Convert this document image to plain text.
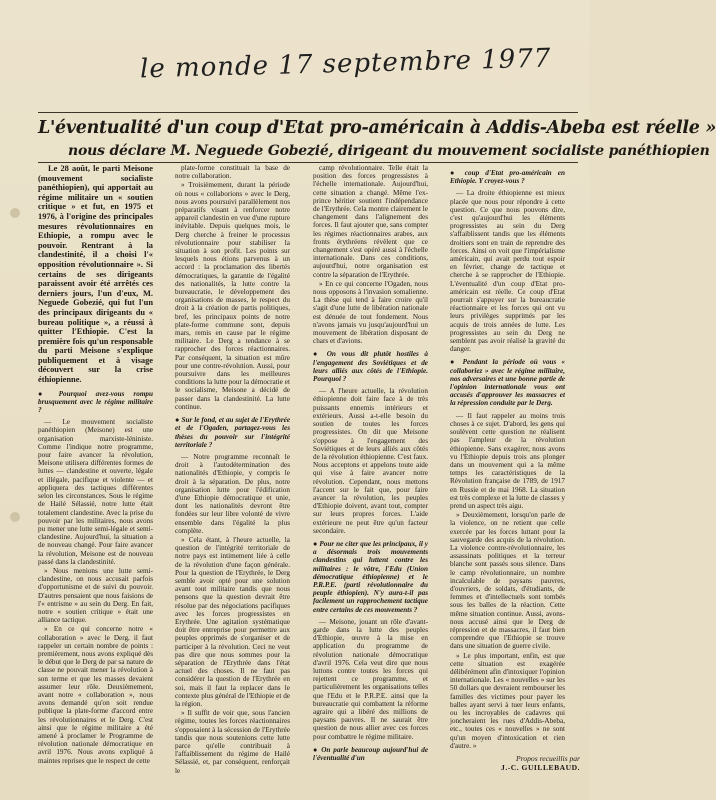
le monde 17 septembre 1977
L'éventualité d'un coup d'Etat pro-américain à Addis-Abeba est réelle »
nous déclare M. Neguede Gobezié, dirigeant du mouvement socialiste panéthiopien

Le 28 août, le parti Meisone (mouvement socialiste panéthiopien), qui apportait au régime militaire un « soutien critique » et fut, en 1975 et 1976, à l'origine des principales mesures révolutionnaires en Ethiopie, a rompu avec le pouvoir. Rentrant à la clandestinité, il a choisi l'« opposition révolutionnaire ». Si certains de ses dirigeants paraissent avoir été arrêtés ces derniers jours, l'un d'eux, M. Neguede Gobezié, qui fut l'un des principaux dirigeants du « bureau politique », a réussi à quitter l'Ethiopie. C'est la première fois qu'un responsable du parti Meisone s'explique publiquement et à visage découvert sur la crise éthiopienne.

● Pourquoi avez-vous rompu brusquement avec le régime militaire ?

— Le mouvement socialiste panéthiopien (Meisone) est une organisation marxiste-léniniste. Comme l'indique notre programme, pour faire avancer la révolution, Meisone utilisera différentes formes de luttes — clandestine et ouverte, légale et illégale, pacifique et violente — et appliquera des tactiques différentes selon les circonstances. Sous le régime de Hailé Sélassié, notre lutte était totalement clandestine. Avec la prise du pouvoir par les militaires, nous avons pu mener une lutte semi-légale et semi-clandestine. Aujourd'hui, la situation a de nouveau changé. Pour faire avancer la révolution, Meisone est de nouveau passé dans la clandestinité.

» Nous menions une lutte semi-clandestine, on nous accusait parfois d'opportunisme et de suivi du pouvoir. D'autres pensaient que nous faisions de l'« entrisme » au sein du Derg. En fait, notre « soutien critique » était une alliance tactique.

» En ce qui concerne notre « collaboration » avec le Derg, il faut rappeler un certain nombre de points : premièrement, nous avons expliqué dès le début que le Derg de par sa nature de classe ne pouvait mener la révolution à son terme et que les masses devaient assumer leur rôle. Deuxièmement, avant notre « collaboration », nous avons demandé qu'on soit rendue publique la plate-forme d'accord entre les révolutionnaires et le Derg. C'est ainsi que le régime militaire a été amené à proclamer le Programme de révolution nationale démocratique en avril 1976. Nous avons expliqué à maintes reprises que le respect de cette

plate-forme constituait la base de notre collaboration.

» Troisièmement, durant la période où nous « collaborions » avec le Derg, nous avons poursuivi parallèlement nos préparatifs visant à renforcer notre appareil clandestin en vue d'une rupture inévitable. Depuis quelques mois, le Derg cherche à freiner le processus révolutionnaire pour stabiliser la situation à son profit. Les points sur lesquels nous étions parvenus à un accord : la proclamation des libertés démocratiques, la garantie de l'égalité des nationalités, la lutte contre la bureaucratie, le développement des organisations de masses, le respect du droit à la création de partis politiques, bref, les principaux points de notre plate-forme commune sont, depuis mars, remis en cause par le régime militaire. Le Derg a tendance à se rapprocher des forces réactionnaires. Par conséquent, la situation est mûre pour une contre-révolution. Aussi, pour poursuivre dans les meilleures conditions la lutte pour la démocratie et le socialisme, Meisone a décidé de passer dans la clandestinité. La lutte continue.

● Sur le fond, et au sujet de l'Erythrée et de l'Ogaden, partagez-vous les thèses du pouvoir sur l'intégrité territoriale ?

— Notre programme reconnaît le droit à l'autodétermination des nationalités d'Ethiopie, y compris le droit à la séparation. De plus, notre organisation lutte pour l'édification d'une Ethiopie démocratique et unie, dont les nationalités devront être fondées sur leur libre volonté de vivre ensemble dans l'égalité la plus complète.

» Cela étant, à l'heure actuelle, la question de l'intégrité territoriale de notre pays est intimement liée à celle de la révolution d'une façon générale. Pour la question de l'Erythrée, le Derg semble avoir opté pour une solution avant tout militaire tandis que nous pensons que la question devrait être résolue par des négociations pacifiques avec les forces progressistes en Erythrée. Une agitation systématique doit être entreprise pour permettre aux peuples opprimés de s'organiser et de participer à la révolution. Ceci ne veut pas dire que nous sommes pour la séparation de l'Erythrée dans l'état actuel des choses. Il ne faut pas considérer la question de l'Erythrée en soi, mais il faut la replacer dans le contexte plus général de l'Ethiopie et de la région.

» Il suffit de voir que, sous l'ancien régime, toutes les forces réactionnaires s'opposaient à la sécession de l'Erythrée tandis que nous soutenions cette lutte parce qu'elle contribuait à l'affaiblissement du régime de Hailé Sélassié, et, par conséquent, renforçait le

camp révolutionnaire. Telle était la position des forces progressistes à l'échelle internationale. Aujourd'hui, cette situation a changé. Même l'ex-prince héritier soutient l'indépendance de l'Erythrée. Cela montre clairement le changement dans l'alignement des forces. Il faut ajouter que, sans compter les régimes réactionnaires arabes, aux fronts érythréens révèlent que ce changement s'est opéré aussi à l'échelle internationale. Dans ces conditions, aujourd'hui, notre organisation est contre la séparation de l'Erythrée.

» En ce qui concerne l'Ogaden, nous nous opposons à l'invasion somalienne. La thèse qui tend à faire croire qu'il s'agit d'une lutte de libération nationale est dénuée de tout fondement. Nous n'avons jamais vu jusqu'aujourd'hui un mouvement de libération disposant de chars et d'avions.

● On vous dit plutôt hostiles à l'engagement des Soviétiques et de leurs alliés aux côtés de l'Ethiopie. Pourquoi ?

— A l'heure actuelle, la révolution éthiopienne doit faire face à de très puissants ennemis intérieurs et extérieurs. Aussi a-t-elle besoin du soutien de toutes les forces progressistes. On dit que Meisone s'oppose à l'engagement des Soviétiques et de leurs alliés aux côtés de la révolution éthiopienne. C'est faux. Nous acceptons et appelons toute aide qui vise à faire avancer notre révolution. Cependant, nous mettons l'accent sur le fait que, pour faire avancer la révolution, les peuples d'Ethiopie doivent, avant tout, compter sur leurs propres forces. L'aide extérieure ne peut être qu'un facteur secondaire.

● Pour ne citer que les principaux, il y a désormais trois mouvements clandestins qui luttent contre les militaires : le vôtre, l'Edu (Union démocratique éthiopienne) et le P.R.P.E. (parti révolutionnaire du peuple éthiopien). N'y aura-t-il pas facilement un rapprochement tactique entre certains de ces mouvements ?

— Meisone, jouant un rôle d'avant-garde dans la lutte des peuples d'Ethiopie, œuvre à la mise en application du programme de révolution nationale démocratique d'avril 1976. Cela veut dire que nous luttons contre toutes les forces qui rejettent ce programme, et particulièrement les organisations telles que l'Edu et le P.R.P.E. ainsi que la bureaucratie qui combattent la réforme agraire qui a libéré des millions de paysans pauvres. Il ne saurait être question de nous allier avec ces forces pour combattre le régime militaire.

● On parle beaucoup aujourd'hui de l'éventualité d'un

● coup d'Etat pro-américain en Ethiopie. Y croyez-vous ?

— La droite éthiopienne est mieux placée que nous pour répondre à cette question. Ce que nous pouvons dire, c'est qu'aujourd'hui les éléments progressistes au sein du Derg s'affaiblissent tandis que les éléments droitiers sont en train de reprendre des forces. Ainsi on voit que l'impérialisme américain, qui avait perdu tout espoir en février, change de tactique et cherche à se rapprocher de l'Ethiopie. L'éventualité d'un coup d'Etat pro-américain est réelle. Ce coup d'Etat pourrait s'appuyer sur la bureaucratie réactionnaire et les forces qui ont vu leurs privilèges supprimés par les acquis de trois années de lutte. Les progressistes au sein du Derg ne semblent pas avoir réalisé la gravité du danger.

● Pendant la période où vous « collaboriez » avec le régime militaire, nos adversaires et une bonne partie de l'opinion internationale vous ont accusés d'approuver les massacres et la répression conduite par le Derg.

— Il faut rappeler au moins trois choses à ce sujet. D'abord, les gens qui soulèvent cette question ne réalisent pas l'ampleur de la révolution éthiopienne. Sans exagérer, nous avons vu l'Ethiopie depuis trois ans plonger dans un mouvement qui a la même temps les caractéristiques de la Révolution française de 1789, de 1917 en Russie et de mai 1968. La situation est très complexe et la lutte de classes y prend un aspect très aigu.

» Deuxièmement, lorsqu'on parle de la violence, on ne retient que celle exercée par les forces luttant pour la sauvegarde des acquis de la révolution. La violence contre-révolutionnaire, les assassinats politiques et la terreur blanche sont passés sous silence. Dans le camp révolutionnaire, un nombre incalculable de paysans pauvres, d'ouvriers, de soldats, d'étudiants, de femmes et d'intellectuels sont tombés sous les balles de la réaction. Cette même situation continue. Aussi, avons-nous accusé ainsi que le Derg de répression et de massacres, il faut bien comprendre que l'Ethiopie se trouve dans une situation de guerre civile.

» Le plus important, enfin, est que cette situation est exagérée délibérément afin d'intoxiquer l'opinion internationale. Les « nouvelles » sur les 50 dollars que devraient rembourser les familles des victimes pour payer les balles ayant servi à tuer leurs enfants, ou les incroyables de cadavres qui joncheraient les rues d'Addis-Abeba, etc., toutes ces « nouvelles » ne sont qu'un moyen d'intoxication et rien d'autre. »

Propos recueillis par
J.-C. GUILLEBAUD.
